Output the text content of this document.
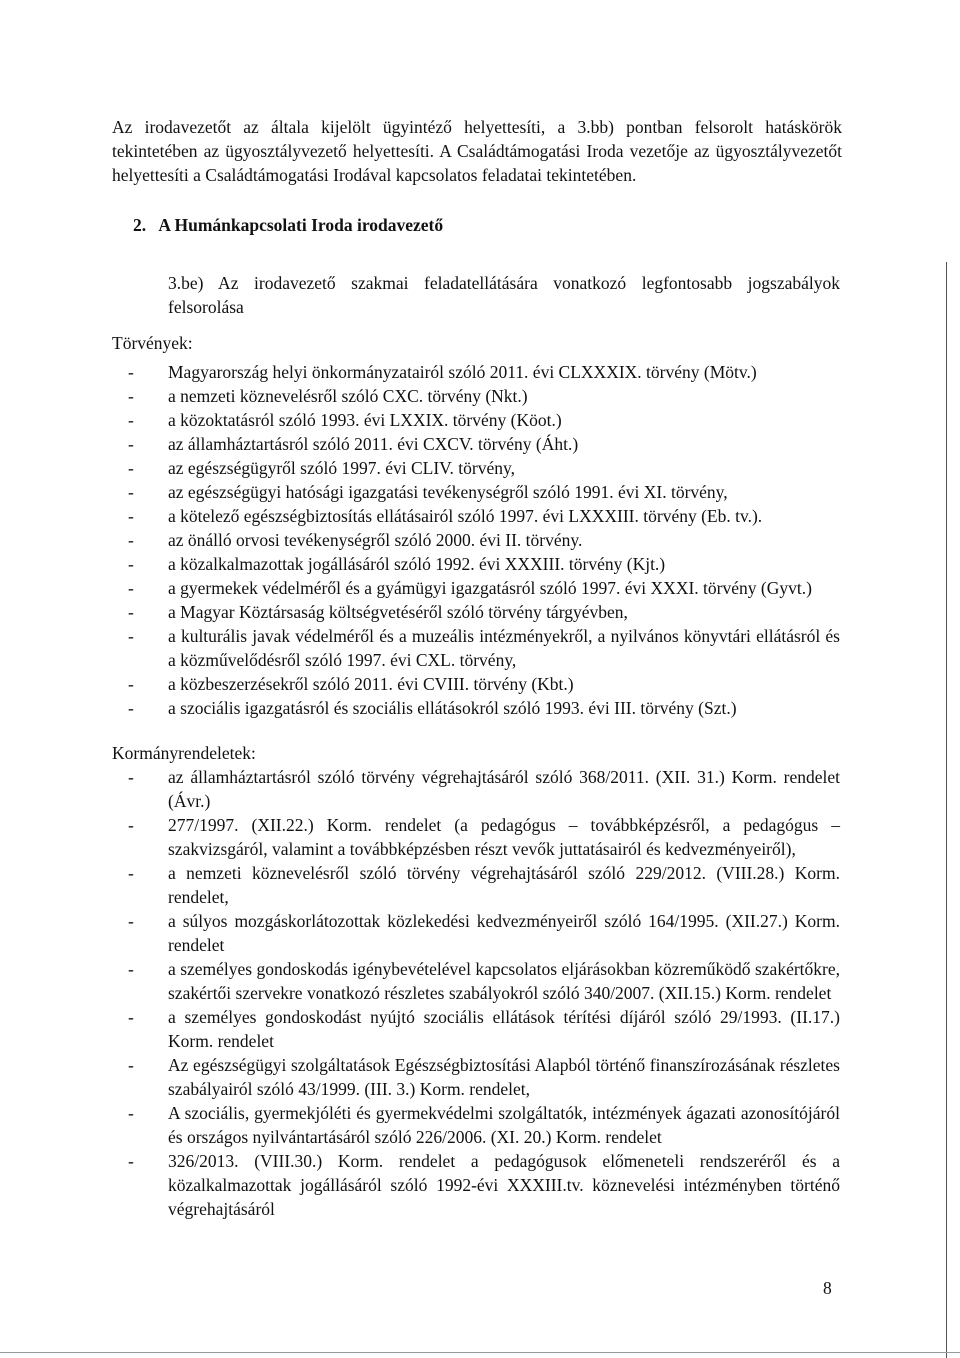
Az irodavezetőt az általa kijelölt ügyintéző helyettesíti, a 3.bb) pontban felsorolt hatáskörök tekintetében az ügyosztályvezető helyettesíti. A Családtámogatási Iroda vezetője az ügyosztályvezetőt helyettesíti a Családtámogatási Irodával kapcsolatos feladatai tekintetében.
2. A Humánkapcsolati Iroda irodavezető
3.be) Az irodavezető szakmai feladatellátására vonatkozó legfontosabb jogszabályok felsorolása
Törvények:
- Magyarország helyi önkormányzatairól szóló 2011. évi CLXXXIX. törvény (Mötv.)
- a nemzeti köznevelésről szóló CXC. törvény (Nkt.)
- a közoktatásról szóló 1993. évi LXXIX. törvény (Köot.)
- az államháztartásról szóló 2011. évi CXCV. törvény (Áht.)
- az egészségügyről szóló 1997. évi CLIV. törvény,
- az egészségügyi hatósági igazgatási tevékenységről szóló 1991. évi XI. törvény,
- a kötelező egészségbiztosítás ellátásairól szóló 1997. évi LXXXIII. törvény (Eb. tv.).
- az önálló orvosi tevékenységről szóló 2000. évi II. törvény.
- a közalkalmazottak jogállásáról szóló 1992. évi XXXIII. törvény (Kjt.)
- a gyermekek védelméről és a gyámügyi igazgatásról szóló 1997. évi XXXI. törvény (Gyvt.)
- a Magyar Köztársaság költségvetéséről szóló törvény tárgyévben,
- a kulturális javak védelméről és a muzeális intézményekről, a nyilvános könyvtári ellátásról és a közművelődésről szóló 1997. évi CXL. törvény,
- a közbeszerzésekről szóló 2011. évi CVIII. törvény (Kbt.)
- a szociális igazgatásról és szociális ellátásokról szóló 1993. évi III. törvény (Szt.)
Kormányrendeletek:
- az államháztartásról szóló törvény végrehajtásáról szóló 368/2011. (XII. 31.) Korm. rendelet (Ávr.)
- 277/1997. (XII.22.) Korm. rendelet (a pedagógus – továbbképzésről, a pedagógus – szakvizsgáról, valamint a továbbképzésben részt vevők juttatásairól és kedvezményeiről),
- a nemzeti köznevelésről szóló törvény végrehajtásáról szóló 229/2012. (VIII.28.) Korm. rendelet,
- a súlyos mozgáskorlátozottak közlekedési kedvezményeiről szóló 164/1995. (XII.27.) Korm. rendelet
- a személyes gondoskodás igénybevételével kapcsolatos eljárásokban közreműködő szakértőkre, szakértői szervekre vonatkozó részletes szabályokról szóló 340/2007. (XII.15.) Korm. rendelet
- a személyes gondoskodást nyújtó szociális ellátások térítési díjáról szóló 29/1993. (II.17.) Korm. rendelet
- Az egészségügyi szolgáltatások Egészségbiztosítási Alapból történő finanszírozásának részletes szabályairól szóló 43/1999. (III. 3.) Korm. rendelet,
- A szociális, gyermekjóléti és gyermekvédelmi szolgáltatók, intézmények ágazati azonosítójáról és országos nyilvántartásáról szóló 226/2006. (XI. 20.) Korm. rendelet
- 326/2013. (VIII.30.) Korm. rendelet a pedagógusok előmeneteli rendszeréről és a közalkalmazottak jogállásáról szóló 1992-évi XXXIII.tv. köznevelési intézményben történő végrehajtásáról
8
